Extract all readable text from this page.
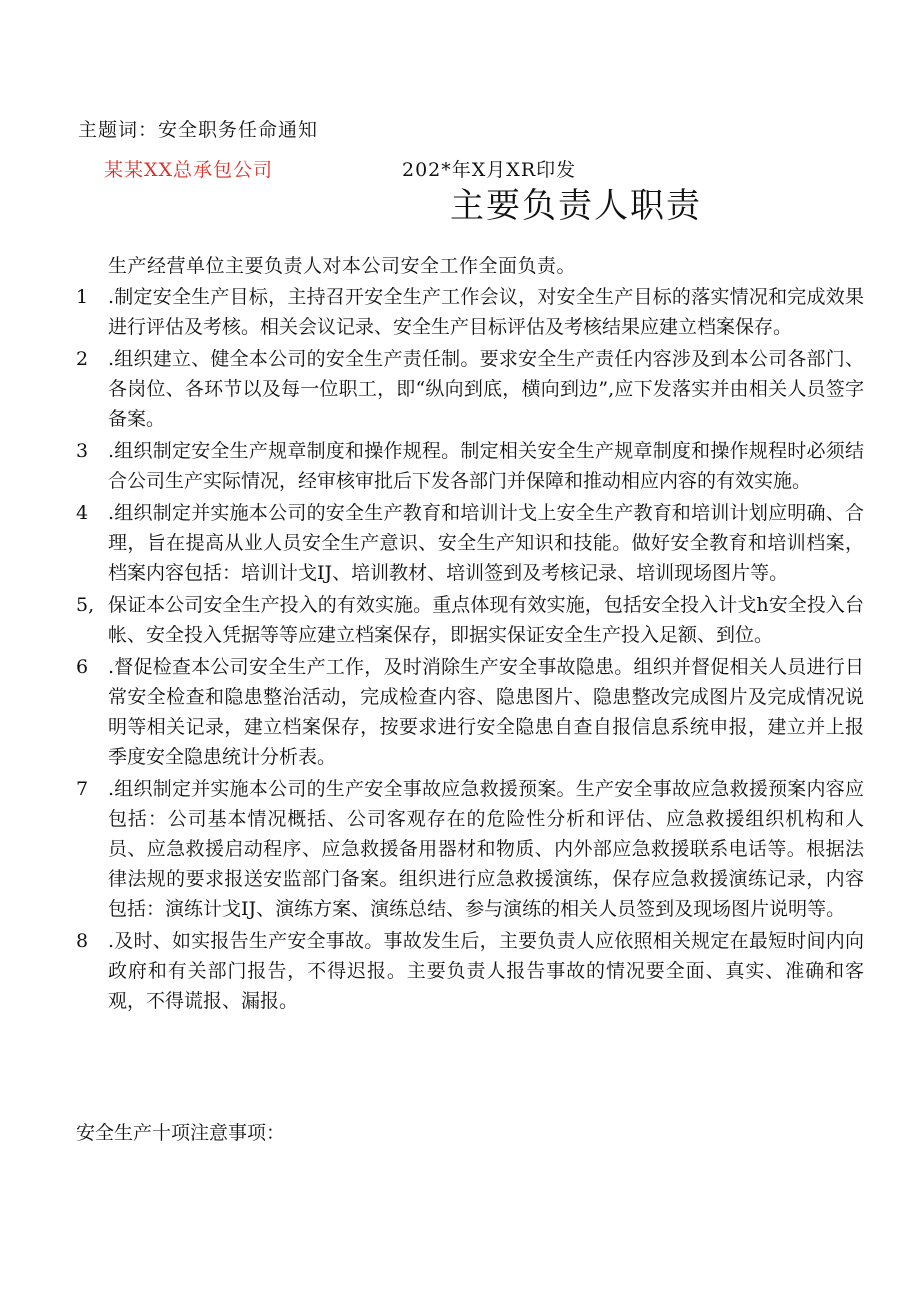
主题词：安全职务任命通知
某某XX总承包公司	202*年X月XR印发
主要负责人职责
生产经营单位主要负责人对本公司安全工作全面负责。
1 .制定安全生产目标，主持召开安全生产工作会议，对安全生产目标的落实情况和完成效果进行评估及考核。相关会议记录、安全生产目标评估及考核结果应建立档案保存。
2 .组织建立、健全本公司的安全生产责任制。要求安全生产责任内容涉及到本公司各部门、各岗位、各环节以及每一位职工，即“纵向到底，横向到边”,应下发落实并由相关人员签字备案。
3 .组织制定安全生产规章制度和操作规程。制定相关安全生产规章制度和操作规程时必须结合公司生产实际情况，经审核审批后下发各部门并保障和推动相应内容的有效实施。
4 .组织制定并实施本公司的安全生产教育和培训计戈上安全生产教育和培训计划应明确、合理，旨在提高从业人员安全生产意识、安全生产知识和技能。做好安全教育和培训档案，档案内容包括：培训计戈IJ、培训教材、培训签到及考核记录、培训现场图片等。
5, 保证本公司安全生产投入的有效实施。重点体现有效实施，包括安全投入计戈h安全投入台帐、安全投入凭据等等应建立档案保存，即据实保证安全生产投入足额、到位。
6 .督促检查本公司安全生产工作，及时消除生产安全事故隐患。组织并督促相关人员进行日常安全检查和隐患整治活动，完成检查内容、隐患图片、隐患整改完成图片及完成情况说明等相关记录，建立档案保存，按要求进行安全隐患自查自报信息系统申报，建立并上报季度安全隐患统计分析表。
7 .组织制定并实施本公司的生产安全事故应急救援预案。生产安全事故应急救援预案内容应包括：公司基本情况概括、公司客观存在的危险性分析和评估、应急救援组织机构和人员、应急救援启动程序、应急救援备用器材和物质、内外部应急救援联系电话等。根据法律法规的要求报送安监部门备案。组织进行应急救援演练，保存应急救援演练记录，内容包括：演练计戈IJ、演练方案、演练总结、参与演练的相关人员签到及现场图片说明等。
8 .及时、如实报告生产安全事故。事故发生后，主要负责人应依照相关规定在最短时间内向政府和有关部门报告，不得迟报。主要负责人报告事故的情况要全面、真实、准确和客观，不得谎报、漏报。
安全生产十项注意事项：
